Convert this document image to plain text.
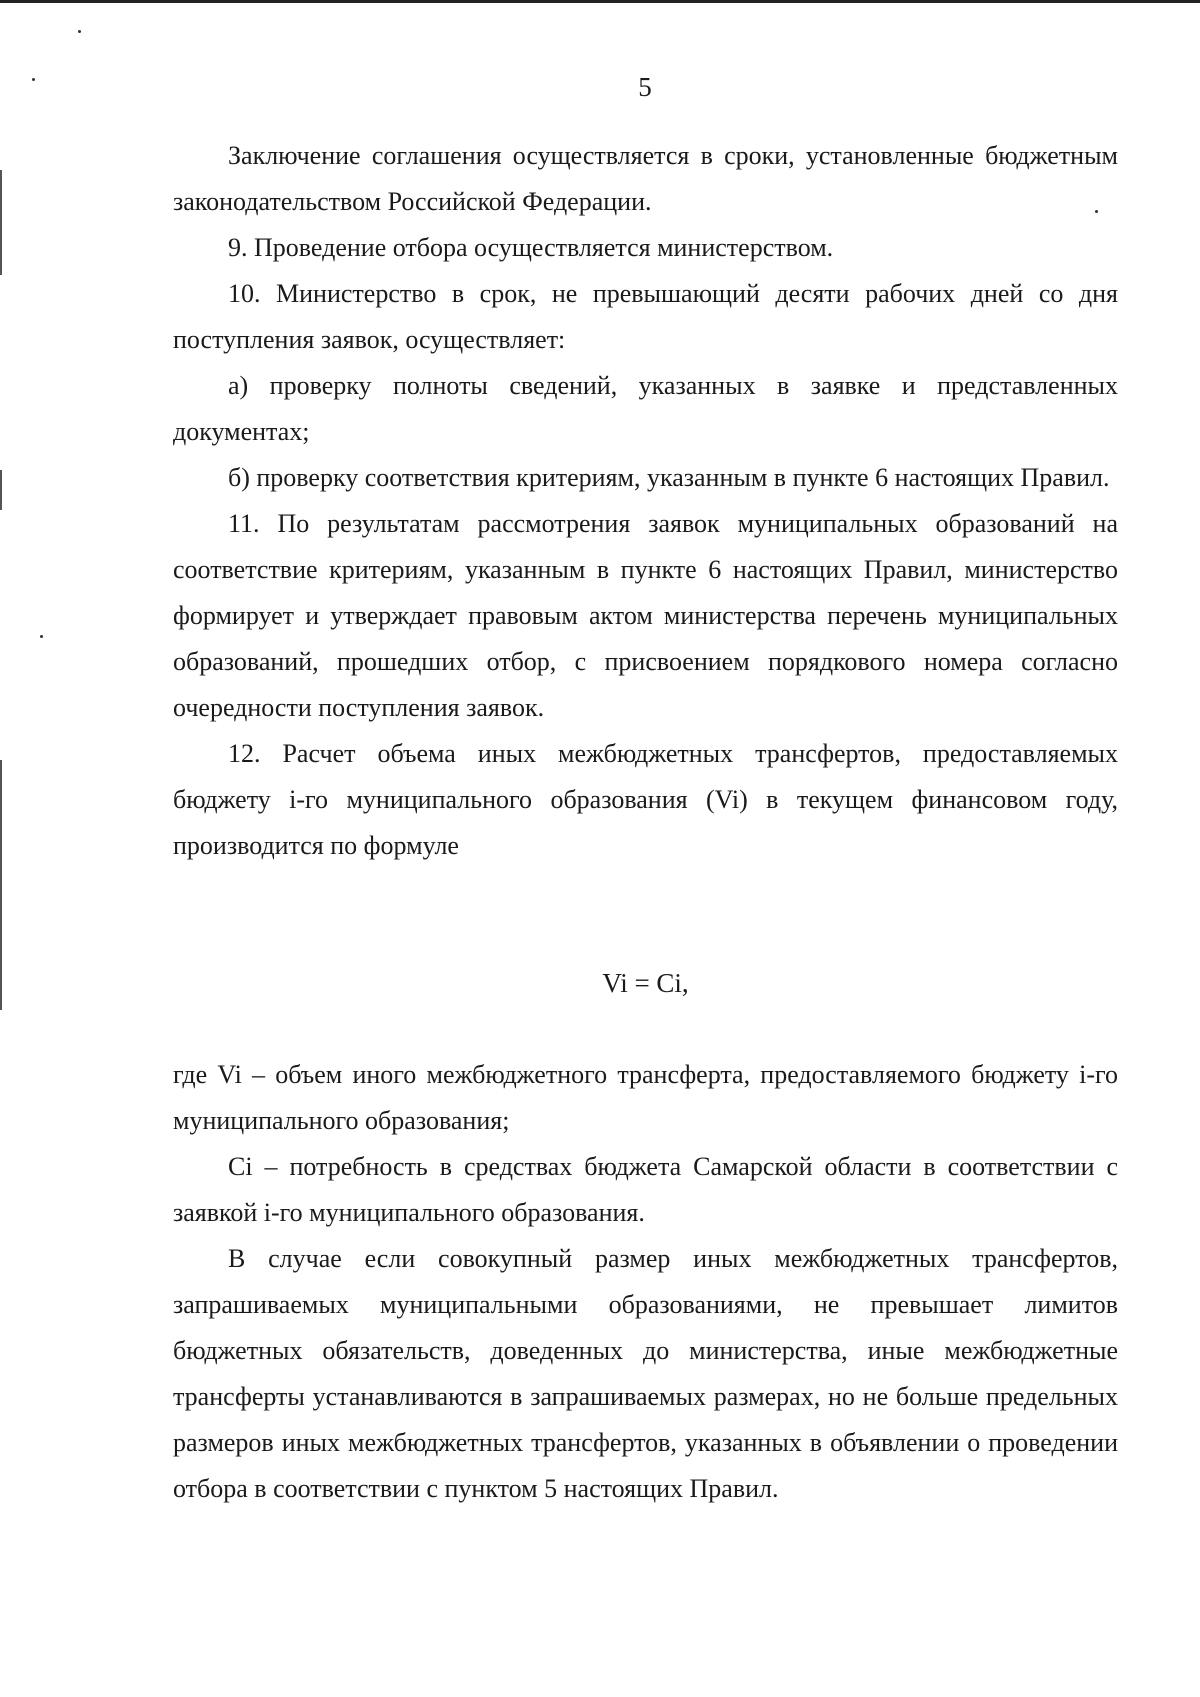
5

Заключение соглашения осуществляется в сроки, установленные бюджетным законодательством Российской Федерации.

9. Проведение отбора осуществляется министерством.

10. Министерство в срок, не превышающий десяти рабочих дней со дня поступления заявок, осуществляет:

а) проверку полноты сведений, указанных в заявке и представленных документах;

б) проверку соответствия критериям, указанным в пункте 6 настоящих Правил.

11. По результатам рассмотрения заявок муниципальных образований на соответствие критериям, указанным в пункте 6 настоящих Правил, министерство формирует и утверждает правовым актом министерства перечень муниципальных образований, прошедших отбор, с присвоением порядкового номера согласно очередности поступления заявок.

12. Расчет объема иных межбюджетных трансфертов, предоставляемых бюджету i-го муниципального образования (Vi) в текущем финансовом году, производится по формуле

Vi = Ci,

где Vi – объем иного межбюджетного трансферта, предоставляемого бюджету i-го муниципального образования;

Ci – потребность в средствах бюджета Самарской области в соответствии с заявкой i-го муниципального образования.

В случае если совокупный размер иных межбюджетных трансфертов, запрашиваемых муниципальными образованиями, не превышает лимитов бюджетных обязательств, доведенных до министерства, иные межбюджетные трансферты устанавливаются в запрашиваемых размерах, но не больше предельных размеров иных межбюджетных трансфертов, указанных в объявлении о проведении отбора в соответствии с пунктом 5 настоящих Правил.
